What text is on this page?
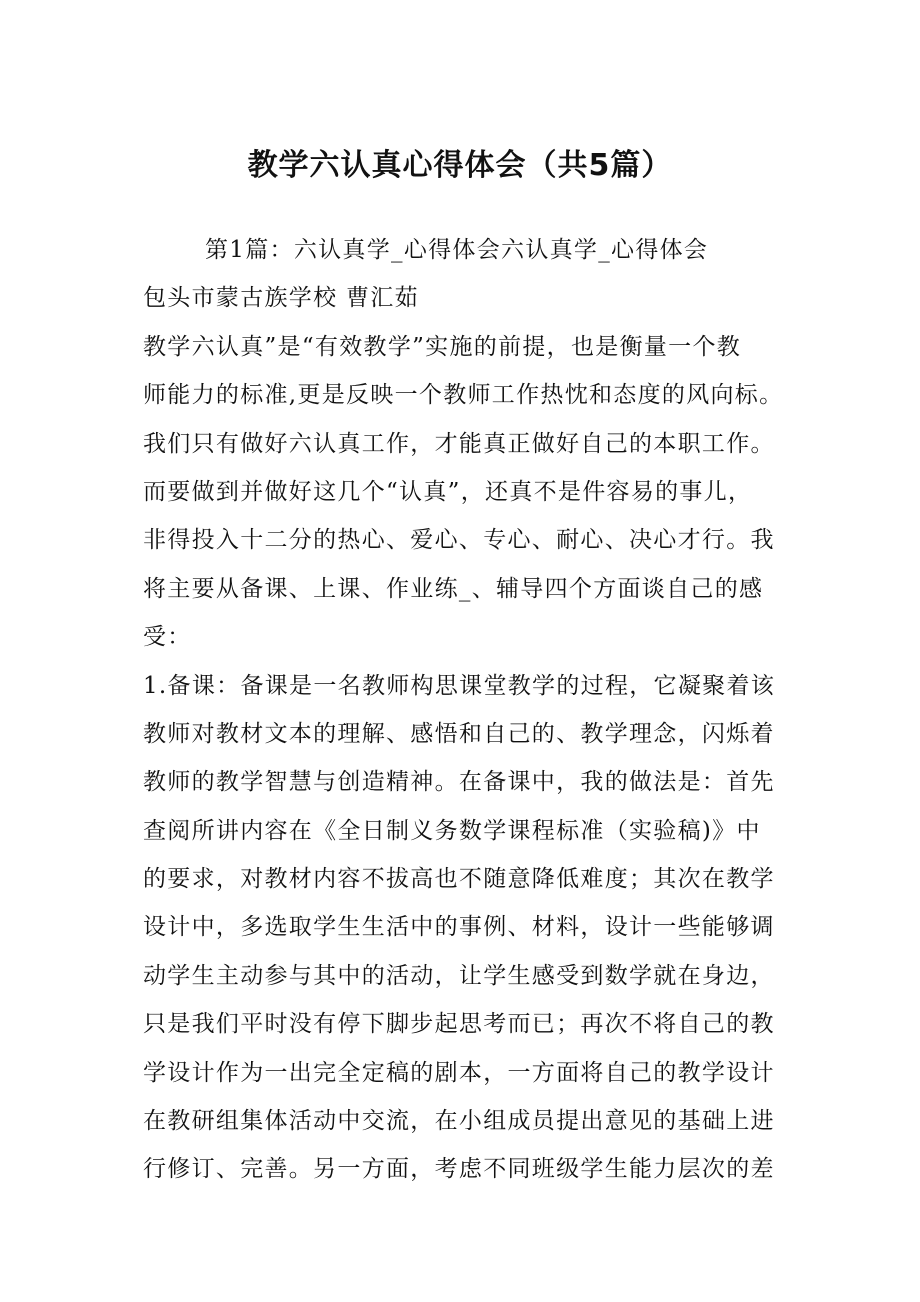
教学六认真心得体会（共5篇）
第1篇：六认真学_心得体会六认真学_心得体会
包头市蒙古族学校 曹汇茹
教学六认真”是“有效教学”实施的前提，也是衡量一个教
师能力的标准,更是反映一个教师工作热忱和态度的风向标。
我们只有做好六认真工作，才能真正做好自己的本职工作。
而要做到并做好这几个“认真”，还真不是件容易的事儿，
非得投入十二分的热心、爱心、专心、耐心、决心才行。我
将主要从备课、上课、作业练_、辅导四个方面谈自己的感
受：
1.备课：备课是一名教师构思课堂教学的过程，它凝聚着该
教师对教材文本的理解、感悟和自己的、教学理念，闪烁着
教师的教学智慧与创造精神。在备课中，我的做法是：首先
查阅所讲内容在《全日制义务数学课程标准（实验稿)》中
的要求，对教材内容不拔高也不随意降低难度；其次在教学
设计中，多选取学生生活中的事例、材料，设计一些能够调
动学生主动参与其中的活动，让学生感受到数学就在身边，
只是我们平时没有停下脚步起思考而已；再次不将自己的教
学设计作为一出完全定稿的剧本，一方面将自己的教学设计
在教研组集体活动中交流，在小组成员提出意见的基础上进
行修订、完善。另一方面，考虑不同班级学生能力层次的差
